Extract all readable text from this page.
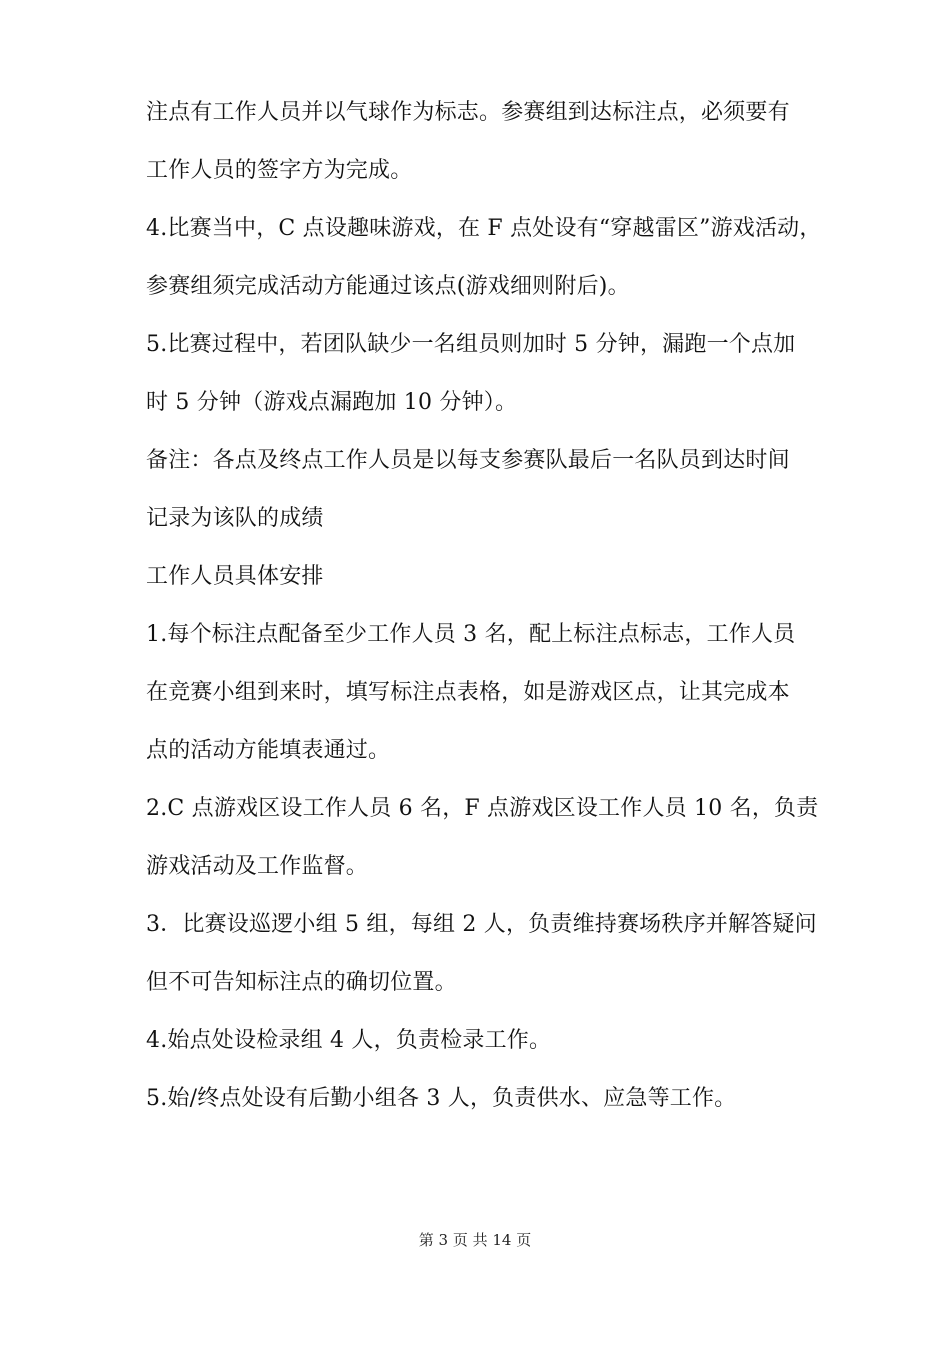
注点有工作人员并以气球作为标志。参赛组到达标注点，必须要有
工作人员的签字方为完成。
4.比赛当中，C 点设趣味游戏，在 F 点处设有“穿越雷区”游戏活动，
参赛组须完成活动方能通过该点(游戏细则附后)。
5.比赛过程中，若团队缺少一名组员则加时 5 分钟，漏跑一个点加
时 5 分钟（游戏点漏跑加 10 分钟）。
备注：各点及终点工作人员是以每支参赛队最后一名队员到达时间
记录为该队的成绩
工作人员具体安排
1.每个标注点配备至少工作人员 3 名，配上标注点标志，工作人员
在竞赛小组到来时，填写标注点表格，如是游戏区点，让其完成本
点的活动方能填表通过。
2.C 点游戏区设工作人员 6 名，F 点游戏区设工作人员 10 名，负责
游戏活动及工作监督。
3．比赛设巡逻小组 5 组，每组 2 人，负责维持赛场秩序并解答疑问
但不可告知标注点的确切位置。
4.始点处设检录组 4 人，负责检录工作。
5.始/终点处设有后勤小组各 3 人，负责供水、应急等工作。
第 3 页 共 14 页
